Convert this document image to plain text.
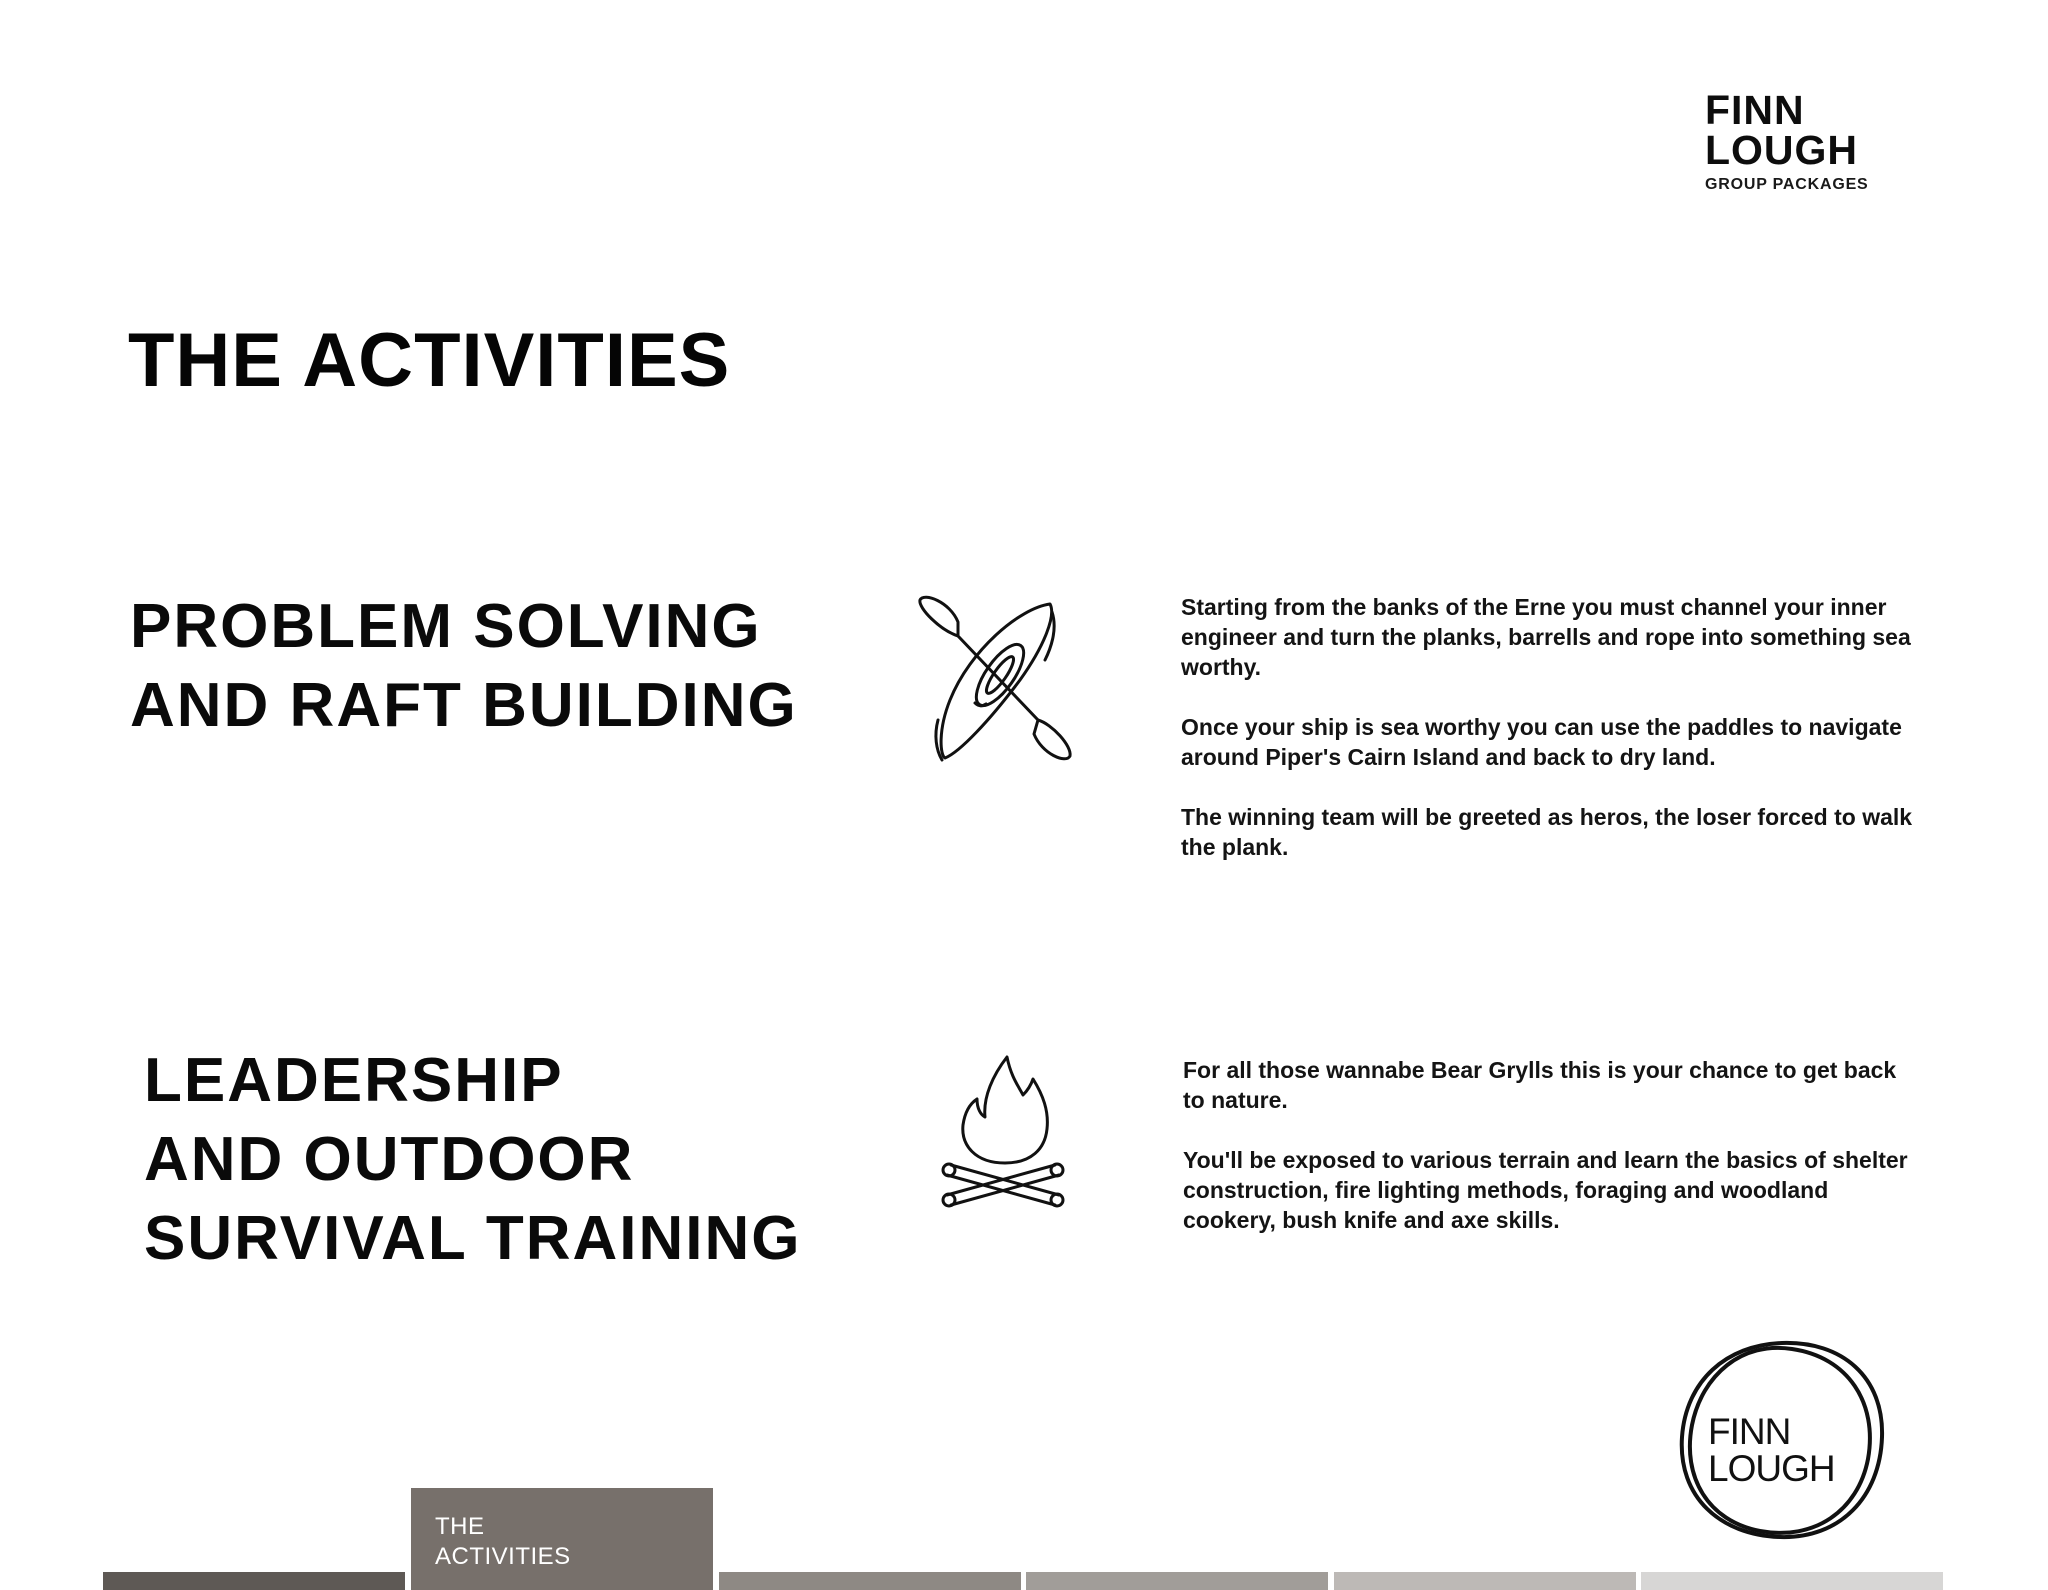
FINN
LOUGH
GROUP PACKAGES
THE ACTIVITIES
PROBLEM SOLVING
AND RAFT BUILDING

Starting from the banks of the Erne you must channel your inner engineer and turn the planks, barrells and rope into something sea worthy.

Once your ship is sea worthy you can use the paddles to navigate around Piper's Cairn Island and back to dry land.

The winning team will be greeted as heros, the loser forced to walk the plank.

LEADERSHIP
AND OUTDOOR
SURVIVAL TRAINING

For all those wannabe Bear Grylls this is your chance to get back to nature.

You'll be exposed to various terrain and learn the basics of shelter construction, fire lighting methods, foraging and woodland cookery, bush knife and axe skills.

FINN
LOUGH
THE
ACTIVITIES
